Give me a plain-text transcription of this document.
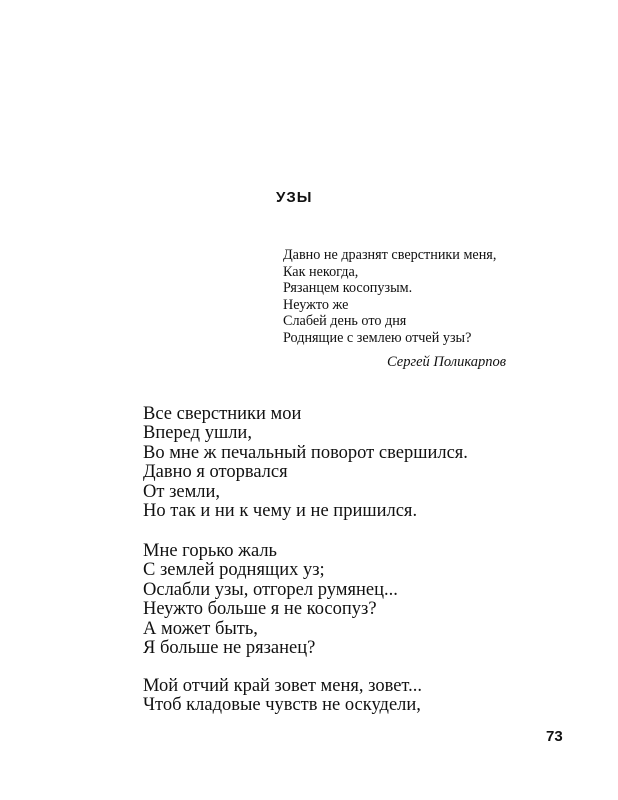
УЗЫ
Давно не дразнят сверстники меня,
Как некогда,
Рязанцем косопузым.
Неужто же
Слабей день ото дня
Роднящие с землею отчей узы?
Сергей Поликарпов
Все сверстники мои
Вперед ушли,
Во мне ж печальный поворот свершился.
Давно я оторвался
От земли,
Но так и ни к чему и не пришился.
Мне горько жаль
С землей роднящих уз;
Ослабли узы, отгорел румянец...
Неужто больше я не косопуз?
А может быть,
Я больше не рязанец?
Мой отчий край зовет меня, зовет...
Чтоб кладовые чувств не оскудели,
73
